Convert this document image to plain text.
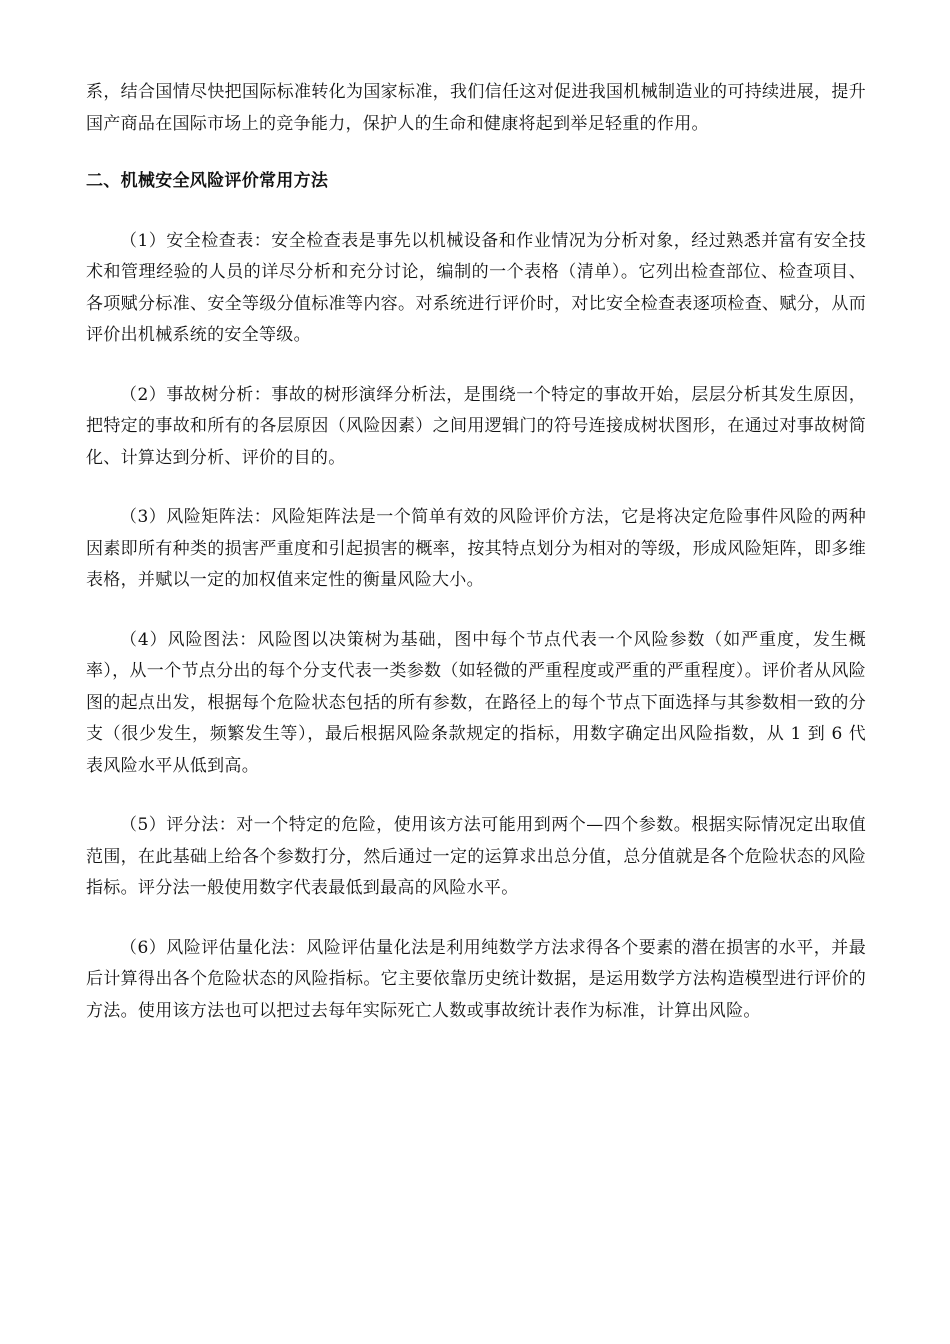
系，结合国情尽快把国际标准转化为国家标准，我们信任这对促进我国机械制造业的可持续进展，提升国产商品在国际市场上的竞争能力，保护人的生命和健康将起到举足轻重的作用。

二、机械安全风险评价常用方法

（1）安全检查表：安全检查表是事先以机械设备和作业情况为分析对象，经过熟悉并富有安全技术和管理经验的人员的详尽分析和充分讨论，编制的一个表格（清单）。它列出检查部位、检查项目、各项赋分标准、安全等级分值标准等内容。对系统进行评价时，对比安全检查表逐项检查、赋分，从而评价出机械系统的安全等级。

（2）事故树分析：事故的树形演绎分析法，是围绕一个特定的事故开始，层层分析其发生原因，把特定的事故和所有的各层原因（风险因素）之间用逻辑门的符号连接成树状图形，在通过对事故树简化、计算达到分析、评价的目的。

（3）风险矩阵法：风险矩阵法是一个简单有效的风险评价方法，它是将决定危险事件风险的两种因素即所有种类的损害严重度和引起损害的概率，按其特点划分为相对的等级，形成风险矩阵，即多维表格，并赋以一定的加权值来定性的衡量风险大小。

（4）风险图法：风险图以决策树为基础，图中每个节点代表一个风险参数（如严重度，发生概率），从一个节点分出的每个分支代表一类参数（如轻微的严重程度或严重的严重程度）。评价者从风险图的起点出发，根据每个危险状态包括的所有参数，在路径上的每个节点下面选择与其参数相一致的分支（很少发生，频繁发生等），最后根据风险条款规定的指标，用数字确定出风险指数，从 1 到 6 代表风险水平从低到高。

（5）评分法：对一个特定的危险，使用该方法可能用到两个—四个参数。根据实际情况定出取值范围，在此基础上给各个参数打分，然后通过一定的运算求出总分值，总分值就是各个危险状态的风险指标。评分法一般使用数字代表最低到最高的风险水平。

（6）风险评估量化法：风险评估量化法是利用纯数学方法求得各个要素的潜在损害的水平，并最后计算得出各个危险状态的风险指标。它主要依靠历史统计数据，是运用数学方法构造模型进行评价的方法。使用该方法也可以把过去每年实际死亡人数或事故统计表作为标准，计算出风险。
